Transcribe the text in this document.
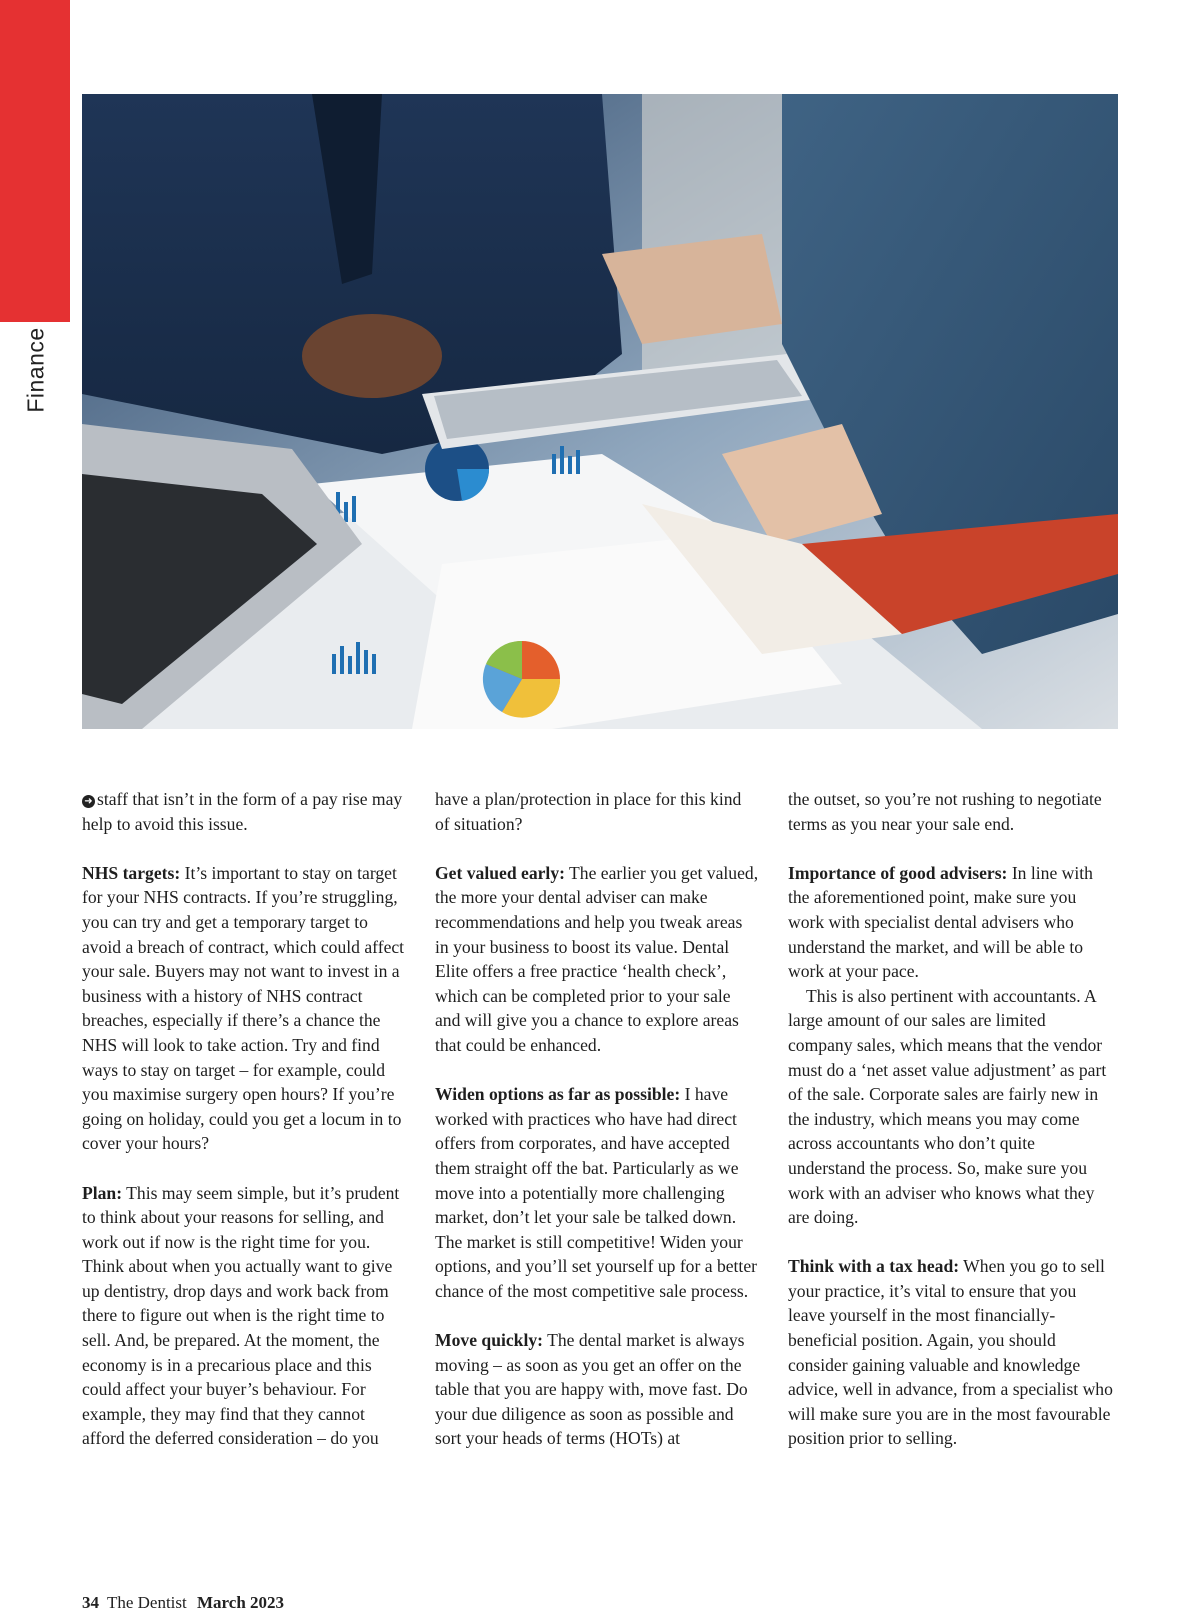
Finance

➜ staff that isn’t in the form of a pay rise may help to avoid this issue.

NHS targets: It’s important to stay on target for your NHS contracts. If you’re struggling, you can try and get a temporary target to avoid a breach of contract, which could affect your sale. Buyers may not want to invest in a business with a history of NHS contract breaches, especially if there’s a chance the NHS will look to take action. Try and find ways to stay on target – for example, could you maximise surgery open hours? If you’re going on holiday, could you get a locum in to cover your hours?

Plan: This may seem simple, but it’s prudent to think about your reasons for selling, and work out if now is the right time for you. Think about when you actually want to give up dentistry, drop days and work back from there to figure out when is the right time to sell. And, be prepared. At the moment, the economy is in a precarious place and this could affect your buyer’s behaviour. For example, they may find that they cannot afford the deferred consideration – do you

have a plan/protection in place for this kind of situation?

Get valued early: The earlier you get valued, the more your dental adviser can make recommendations and help you tweak areas in your business to boost its value. Dental Elite offers a free practice ‘health check’, which can be completed prior to your sale and will give you a chance to explore areas that could be enhanced.

Widen options as far as possible: I have worked with practices who have had direct offers from corporates, and have accepted them straight off the bat. Particularly as we move into a potentially more challenging market, don’t let your sale be talked down. The market is still competitive! Widen your options, and you’ll set yourself up for a better chance of the most competitive sale process.

Move quickly: The dental market is always moving – as soon as you get an offer on the table that you are happy with, move fast. Do your due diligence as soon as possible and sort your heads of terms (HOTs) at

the outset, so you’re not rushing to negotiate terms as you near your sale end.

Importance of good advisers: In line with the aforementioned point, make sure you work with specialist dental advisers who understand the market, and will be able to work at your pace.

This is also pertinent with accountants. A large amount of our sales are limited company sales, which means that the vendor must do a ‘net asset value adjustment’ as part of the sale. Corporate sales are fairly new in the industry, which means you may come across accountants who don’t quite understand the process. So, make sure you work with an adviser who knows what they are doing.

Think with a tax head: When you go to sell your practice, it’s vital to ensure that you leave yourself in the most financially-beneficial position. Again, you should consider gaining valuable and knowledge advice, well in advance, from a specialist who will make sure you are in the most favourable position prior to selling.

34 The Dentist March 2023
